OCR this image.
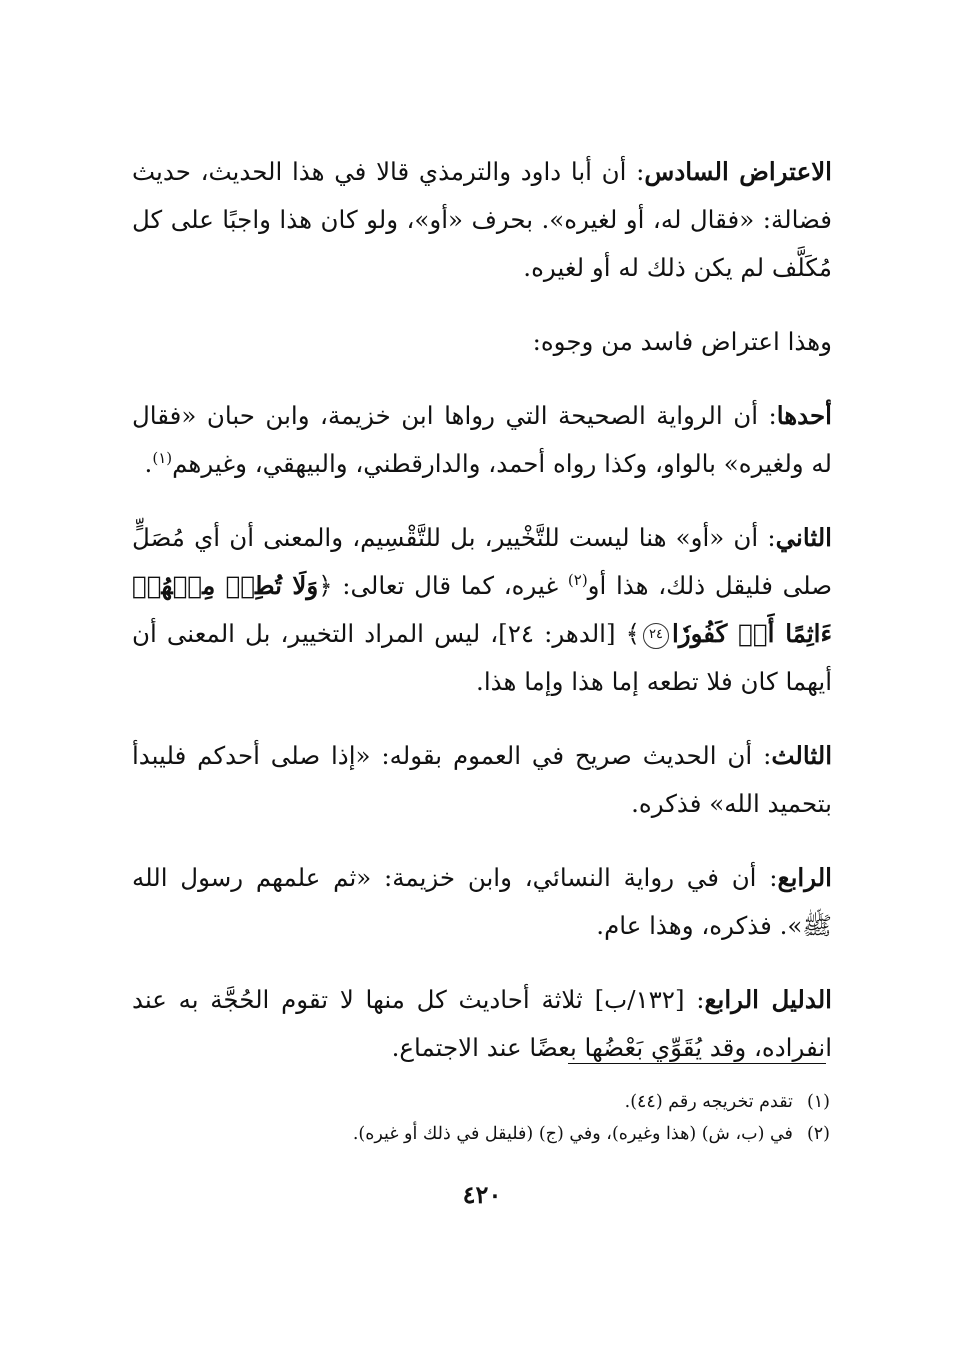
الاعتراض السادس: أن أبا داود والترمذي قالا في هذا الحديث، حديث فضالة: «فقال له، أو لغيره». بحرف «أو»، ولو كان هذا واجبًا على كل مُكَلَّف لم يكن ذلك له أو لغيره.

وهذا اعتراض فاسد من وجوه:

أحدها: أن الرواية الصحيحة التي رواها ابن خزيمة، وابن حبان «فقال له ولغيره» بالواو، وكذا رواه أحمد، والدارقطني، والبيهقي، وغيرهم$^{(١)}$.

الثاني: أن «أو» هنا ليست للتَّخْيير، بل للتَّقْسِيم، والمعنى أن أي مُصَلٍّ صلى فليقل ذلك، هذا أو$^{(٢)}$ غيره، كما قال تعالى: ﴿وَلَا تُطِعۡ مِنۡهُمۡ ءَاثِمًا أَوۡ كَفُورٗا٢٤﴾ [الدهر: ٢٤]، ليس المراد التخيير، بل المعنى أن أيهما كان فلا تطعه إما هذا وإما هذا.

الثالث: أن الحديث صريح في العموم بقوله: «إذا صلى أحدكم فليبدأ بتحميد الله» فذكره.

الرابع: أن في رواية النسائي، وابن خزيمة: «ثم علمهم رسول الله ﷺ». فذكره، وهذا عام.

الدليل الرابع: [١٣٢/ب] ثلاثة أحاديث كل منها لا تقوم الحُجَّة به عند انفراده، وقد يُقَوِّي بَعْضُها بعضًا عند الاجتماع.

(١)تقدم تخريجه رقم (٤٤).
(٢)في (ب، ش) (هذا وغيره)، وفي (ج) (فليقل في ذلك أو غيره).
٤٢٠
